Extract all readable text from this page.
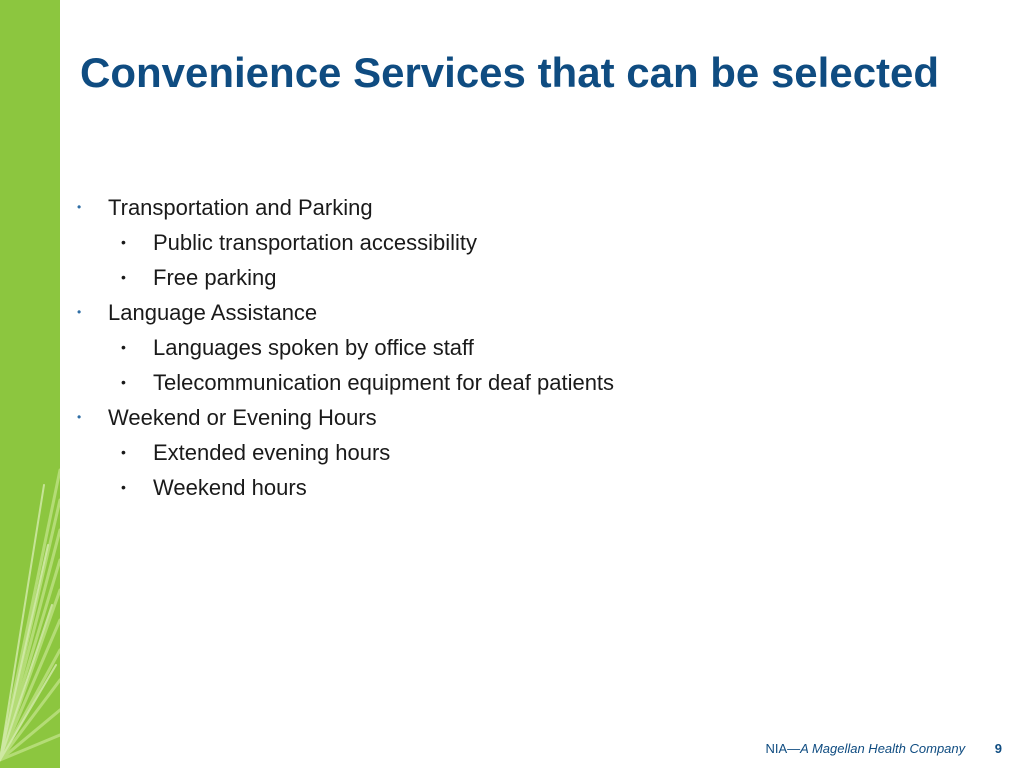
Convenience Services that can be selected
• Transportation and Parking
• Public transportation accessibility
• Free parking
• Language Assistance
• Languages spoken by office staff
• Telecommunication equipment for deaf patients
• Weekend or Evening Hours
• Extended evening hours
• Weekend hours
NIA—A Magellan Health Company 9
